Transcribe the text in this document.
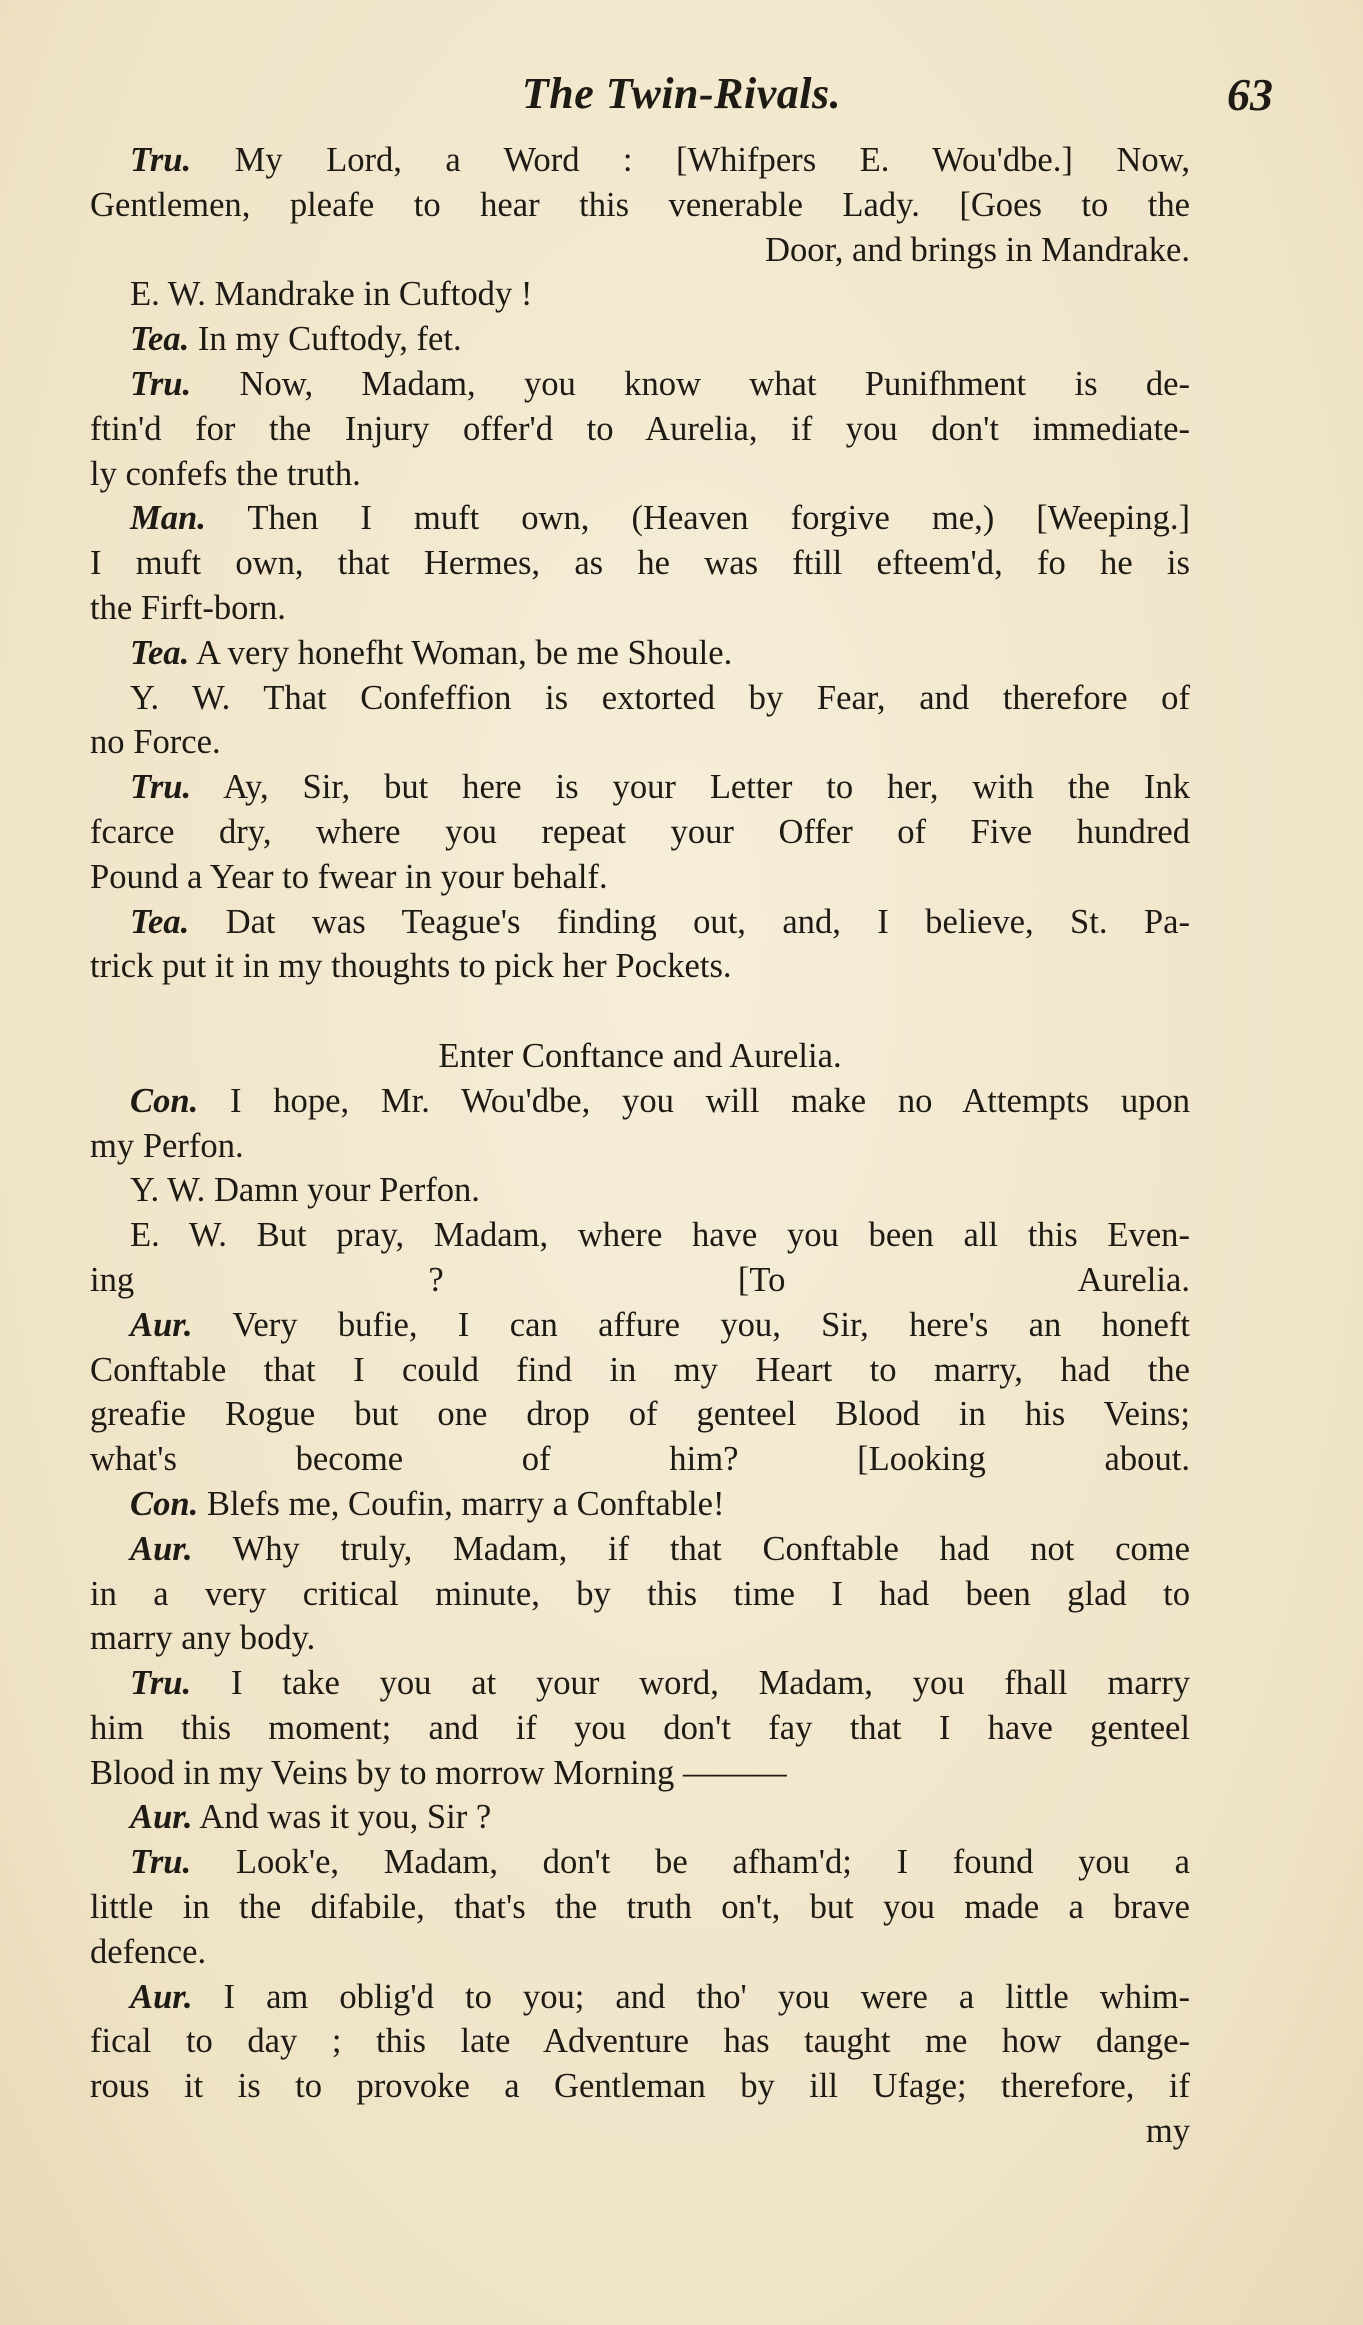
The Twin-Rivals.	63
Tru. My Lord, a Word : [Whifpers E. Wou'dbe.] Now,
Gentlemen, pleafe to hear this venerable Lady. [Goes to the
Door, and brings in Mandrake.
E. W. Mandrake in Cuftody !
Tea. In my Cuftody, fet.
Tru. Now, Madam, you know what Punifhment is de-
ftin'd for the Injury offer'd to Aurelia, if you don't immediate-
ly confefs the truth.
Man. Then I muft own, (Heaven forgive me,) [Weeping.]
I muft own, that Hermes, as he was ftill efteem'd, fo he is
the Firft-born.
Tea. A very honefht Woman, be me Shoule.
Y. W. That Confeffion is extorted by Fear, and therefore of
no Force.
Tru. Ay, Sir, but here is your Letter to her, with the Ink
fcarce dry, where you repeat your Offer of Five hundred
Pound a Year to fwear in your behalf.
Tea. Dat was Teague's finding out, and, I believe, St. Pa-
trick put it in my thoughts to pick her Pockets.
Enter Conftance and Aurelia.
Con. I hope, Mr. Wou'dbe, you will make no Attempts upon
my Perfon.
Y. W. Damn your Perfon.
E. W. But pray, Madam, where have you been all this Even-
ing ? [To Aurelia.
Aur. Very bufie, I can affure you, Sir, here's an honeft
Conftable that I could find in my Heart to marry, had the
greafie Rogue but one drop of genteel Blood in his Veins;
what's become of him? [Looking about.
Con. Blefs me, Coufin, marry a Conftable!
Aur. Why truly, Madam, if that Conftable had not come
in a very critical minute, by this time I had been glad to
marry any body.
Tru. I take you at your word, Madam, you fhall marry
him this moment; and if you don't fay that I have genteel
Blood in my Veins by to morrow Morning ———
Aur. And was it you, Sir ?
Tru. Look'e, Madam, don't be afham'd; I found you a
little in the difabile, that's the truth on't, but you made a brave
defence.
Aur. I am oblig'd to you; and tho' you were a little whim-
fical to day ; this late Adventure has taught me how dange-
rous it is to provoke a Gentleman by ill Ufage; therefore, if
my
